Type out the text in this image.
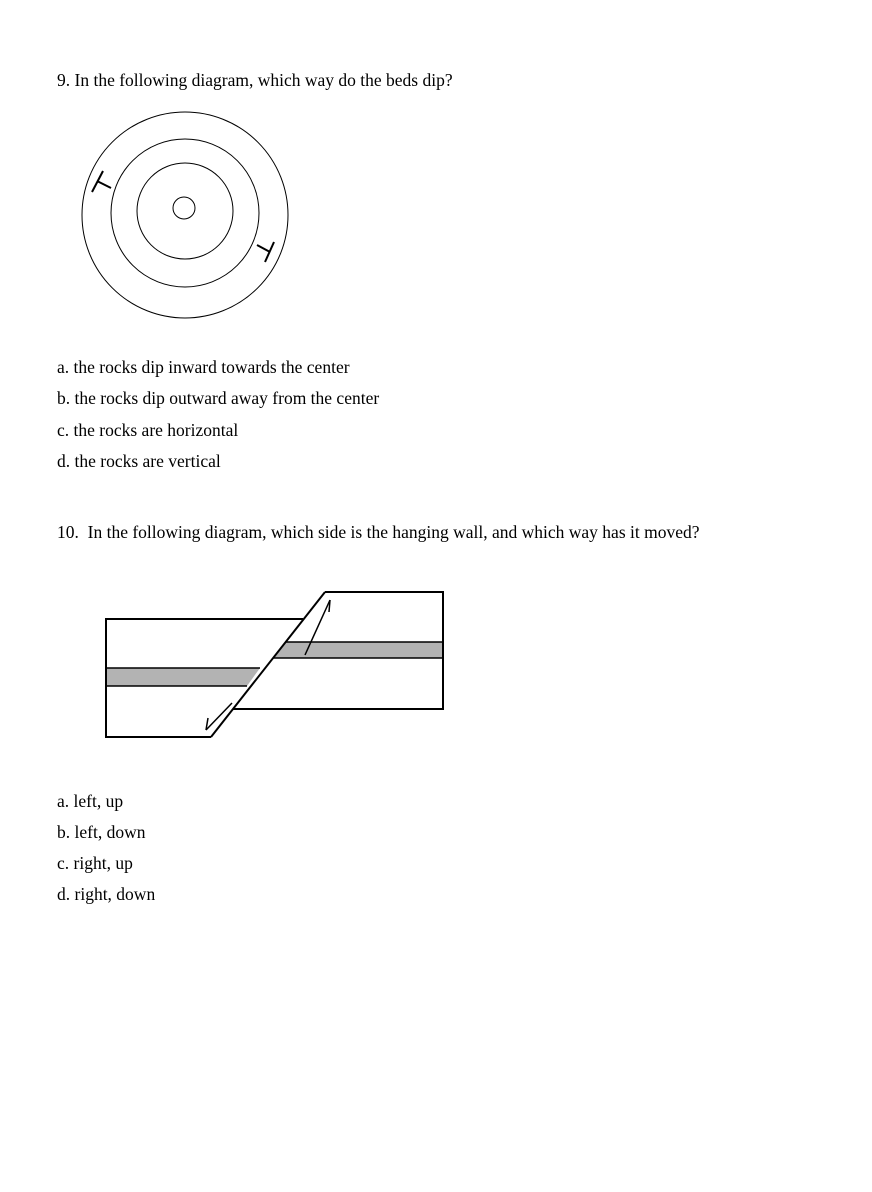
9. In the following diagram, which way do the beds dip?
a. the rocks dip inward towards the center
b. the rocks dip outward away from the center
c. the rocks are horizontal
d. the rocks are vertical
10. In the following diagram, which side is the hanging wall, and which way has it moved?
a. left, up
b. left, down
c. right, up
d. right, down
